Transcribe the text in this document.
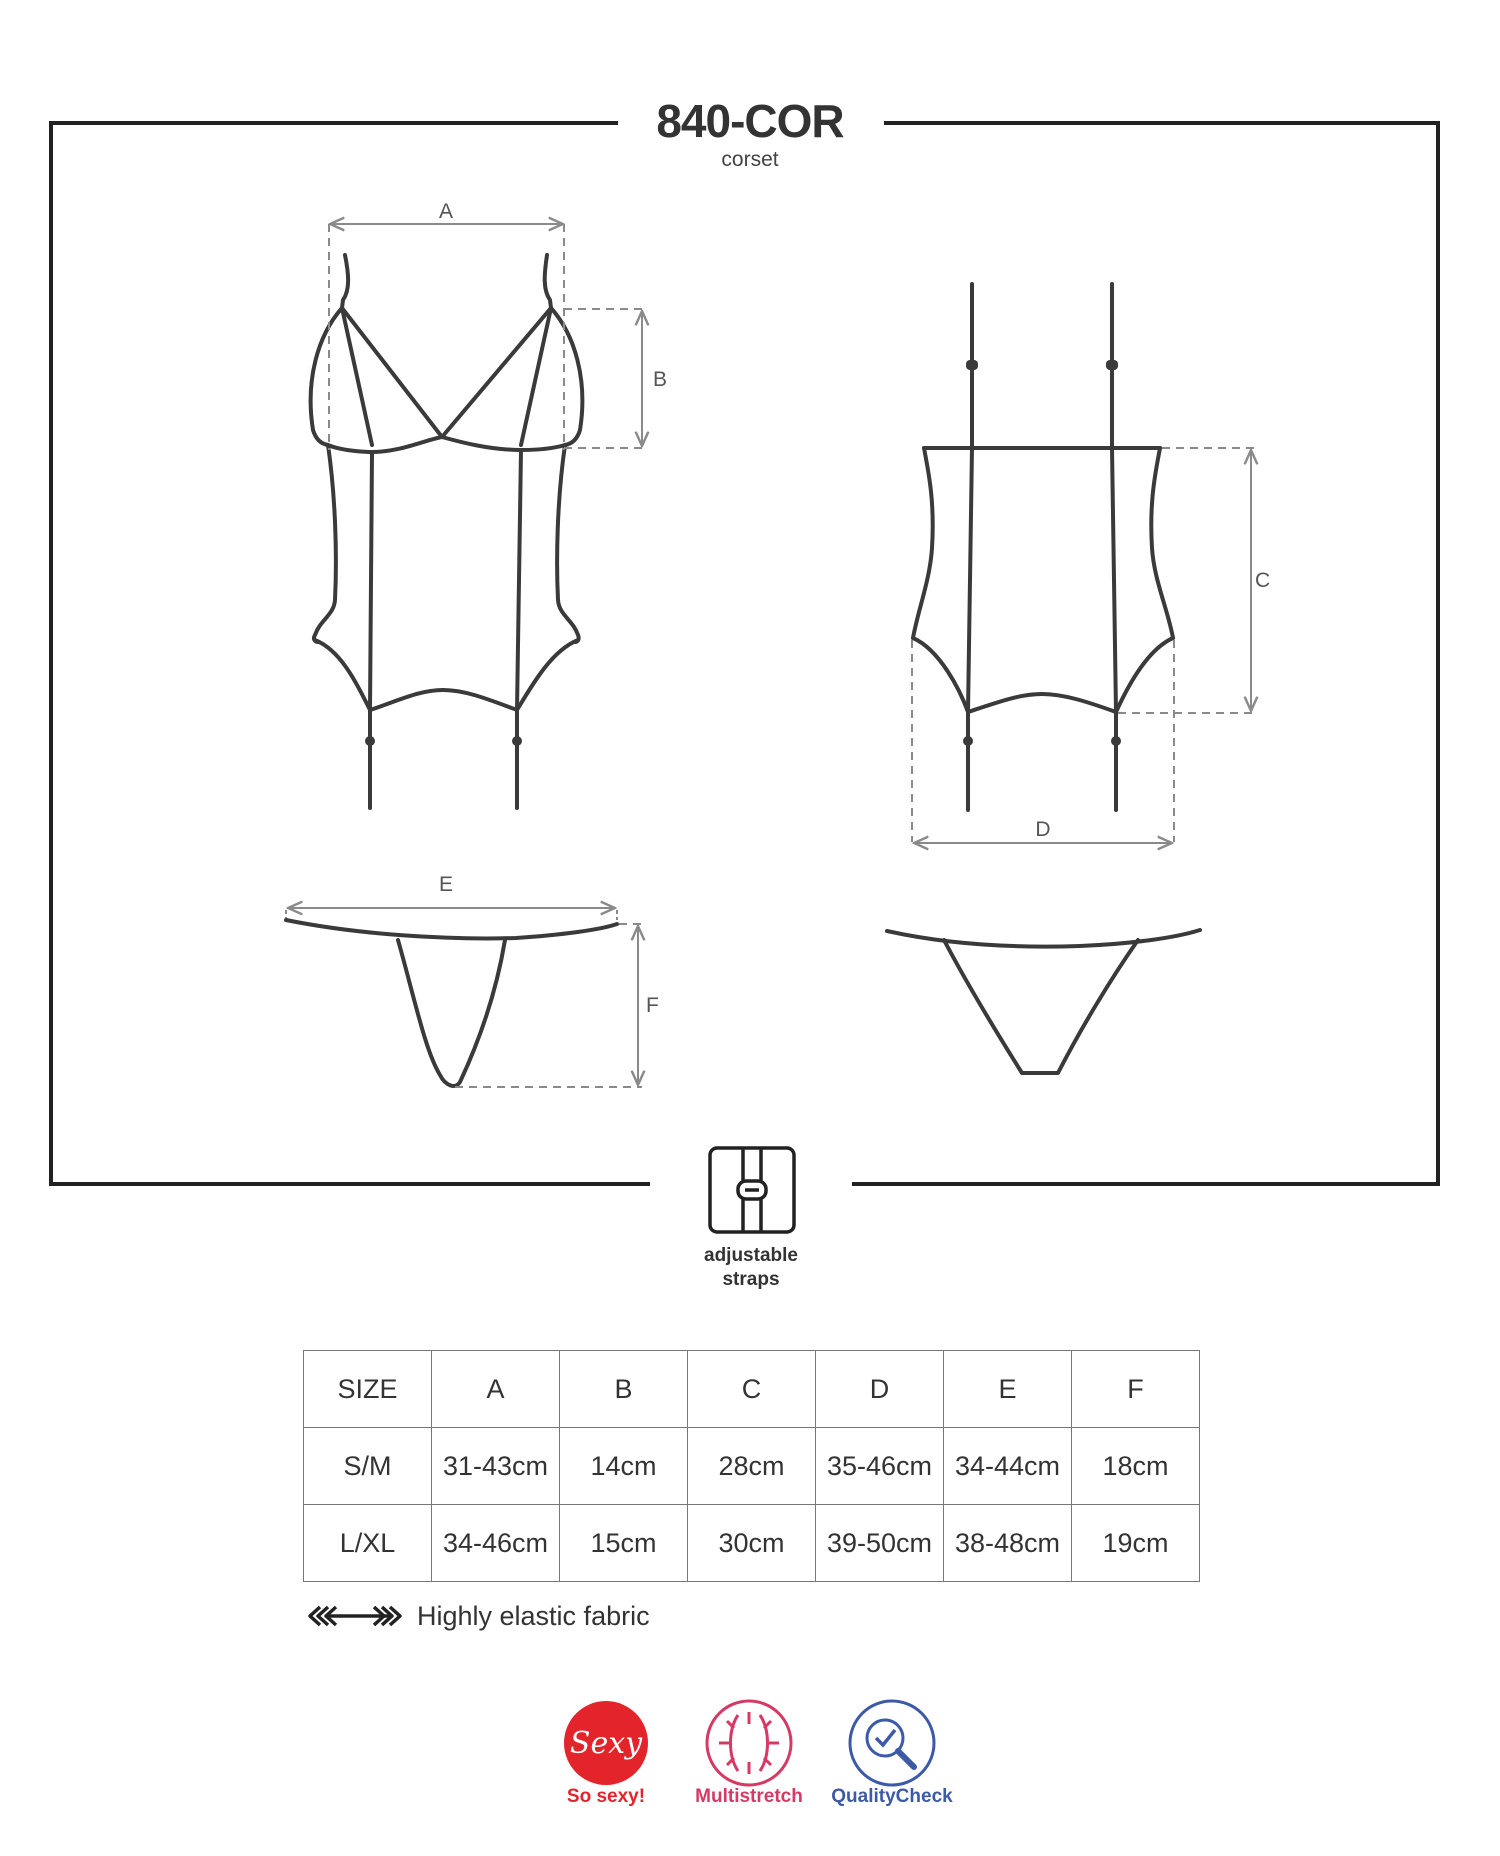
840-COR
corset
A
B
C
D
E
F
Sexy
adjustable
straps
SIZE	A	B	C	D	E	F
S/M	31-43cm	14cm	28cm	35-46cm	34-44cm	18cm
L/XL	34-46cm	15cm	30cm	39-50cm	38-48cm	19cm
Highly elastic fabric
So sexy!	Multistretch	QualityCheck
